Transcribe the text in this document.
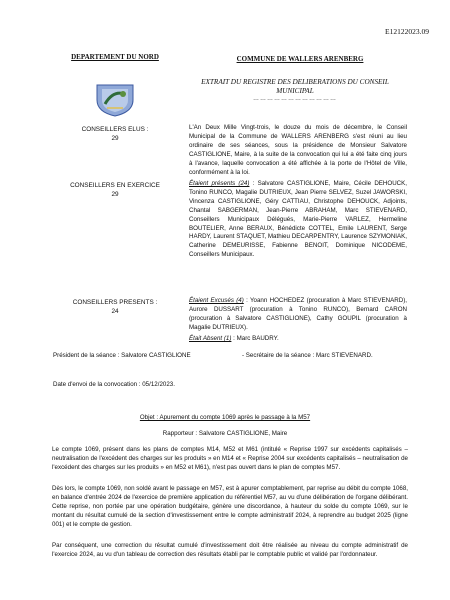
E12122023.09
DEPARTEMENT DU NORD	COMMUNE DE WALLERS ARENBERG
EXTRAIT DU REGISTRE DES DELIBERATIONS DU CONSEIL MUNICIPAL
………………………………
CONSEILLERS ELUS :
29
CONSEILLERS EN EXERCICE
29
CONSEILLERS PRESENTS :
24
L'An Deux Mille Vingt-trois, le douze du mois de décembre, le Conseil Municipal de la Commune de WALLERS ARENBERG s'est réuni au lieu ordinaire de ses séances, sous la présidence de Monsieur Salvatore CASTIGLIONE, Maire, à la suite de la convocation qui lui a été faite cinq jours à l'avance, laquelle convocation a été affichée à la porte de l'Hôtel de Ville, conformément à la loi.
Étaient présents (24) : Salvatore CASTIGLIONE, Maire, Cécile DEHOUCK, Tonino RUNCO, Magalie DUTRIEUX, Jean Pierre SELVEZ, Suzel JAWORSKI, Vincenza CASTIGLIONE, Géry CATTIAU, Christophe DEHOUCK, Adjoints, Chantal SABGERMAN, Jean-Pierre ABRAHAM, Marc STIEVENARD, Conseillers Municipaux Délégués, Marie-Pierre VARLEZ, Hermeline BOUTELIER, Anne BERAUX, Bénédicte COTTEL, Emile LAURENT, Serge HARDY, Laurent STAQUET, Mathieu DECARPENTRY, Laurence SZYMONIAK, Catherine DEMEURISSE, Fabienne BENOIT, Dominique NICODEME, Conseillers Municipaux.
Étaient Excusés (4) : Yoann HOCHEDEZ (procuration à Marc STIEVENARD), Aurore DUSSART (procuration à Tonino RUNCO), Bernard CARON (procuration à Salvatore CASTIGLIONE), Cathy GOUPIL (procuration à Magalie DUTRIEUX).
Était Absent (1) : Marc BAUDRY.
Président de la séance : Salvatore CASTIGLIONE	- Secrétaire de la séance : Marc STIEVENARD.
Date d'envoi de la convocation : 05/12/2023.
Objet : Apurement du compte 1069 après le passage à la M57
Rapporteur : Salvatore CASTIGLIONE, Maire
Le compte 1069, présent dans les plans de comptes M14, M52 et M61 (intitulé « Reprise 1997 sur excédents capitalisés – neutralisation de l'excédent des charges sur les produits » en M14 et « Reprise 2004 sur excédents capitalisés – neutralisation de l'excédent des charges sur les produits » en M52 et M61), n'est pas ouvert dans le plan de comptes M57.
Dès lors, le compte 1069, non soldé avant le passage en M57, est à apurer comptablement, par reprise au débit du compte 1068, en balance d'entrée 2024 de l'exercice de première application du référentiel M57, au vu d'une délibération de l'organe délibérant. Cette reprise, non portée par une opération budgétaire, génère une discordance, à hauteur du solde du compte 1069, sur le montant du résultat cumulé de la section d'investissement entre le compte administratif 2024, à reprendre au budget 2025 (ligne 001) et le compte de gestion.
Par conséquent, une correction du résultat cumulé d'investissement doit être réalisée au niveau du compte administratif de l'exercice 2024, au vu d'un tableau de correction des résultats établi par le comptable public et validé par l'ordonnateur.
